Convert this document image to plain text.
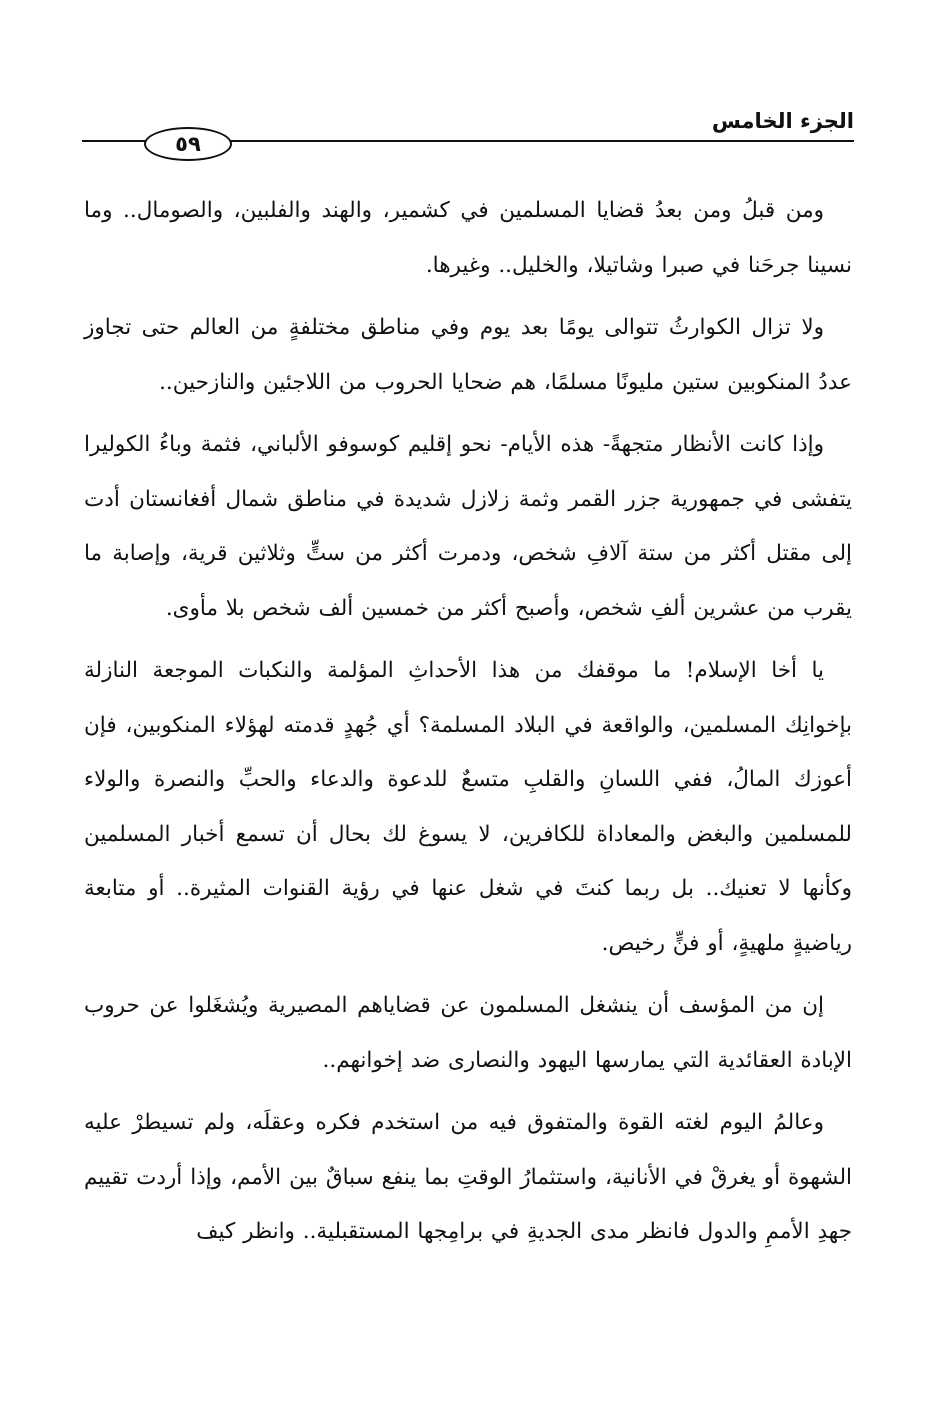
الجزء الخامس
٥٩

ومن قبلُ ومن بعدُ قضايا المسلمين في كشمير، والهند والفلبين، والصومال.. وما نسينا جرحَنا في صبرا وشاتيلا، والخليل.. وغيرها.

ولا تزال الكوارثُ تتوالى يومًا بعد يوم وفي مناطق مختلفةٍ من العالم حتى تجاوز عددُ المنكوبين ستين مليونًا مسلمًا، هم ضحايا الحروب من اللاجئين والنازحين..

وإذا كانت الأنظار متجهةً- هذه الأيام- نحو إقليم كوسوفو الألباني، فثمة وباءُ الكوليرا يتفشى في جمهورية جزر القمر وثمة زلازل شديدة في مناطق شمال أفغانستان أدت إلى مقتل أكثر من ستة آلافِ شخص، ودمرت أكثر من ستٍّ وثلاثين قرية، وإصابة ما يقرب من عشرين ألفِ شخص، وأصبح أكثر من خمسين ألف شخص بلا مأوى.

يا أخا الإسلام! ما موقفك من هذا الأحداثِ المؤلمة والنكبات الموجعة النازلة بإخوانِك المسلمين، والواقعة في البلاد المسلمة؟ أي جُهدٍ قدمته لهؤلاء المنكوبين، فإن أعوزك المالُ، ففي اللسانِ والقلبِ متسعٌ للدعوة والدعاء والحبِّ والنصرة والولاء للمسلمين والبغض والمعاداة للكافرين، لا يسوغ لك بحال أن تسمع أخبار المسلمين وكأنها لا تعنيك.. بل ربما كنتَ في شغل عنها في رؤية القنوات المثيرة.. أو متابعة رياضيةٍ ملهيةٍ، أو فنٍّ رخيص.

إن من المؤسف أن ينشغل المسلمون عن قضاياهم المصيرية ويُشغَلوا عن حروب الإبادة العقائدية التي يمارسها اليهود والنصارى ضد إخوانهم..

وعالمُ اليوم لغته القوة والمتفوق فيه من استخدم فكره وعقلَه، ولم تسيطرْ عليه الشهوة أو يغرقْ في الأنانية، واستثمارُ الوقتِ بما ينفع سباقٌ بين الأمم، وإذا أردت تقييم جهدِ الأممِ والدول فانظر مدى الجديةِ في برامِجها المستقبلية.. وانظر كيف
